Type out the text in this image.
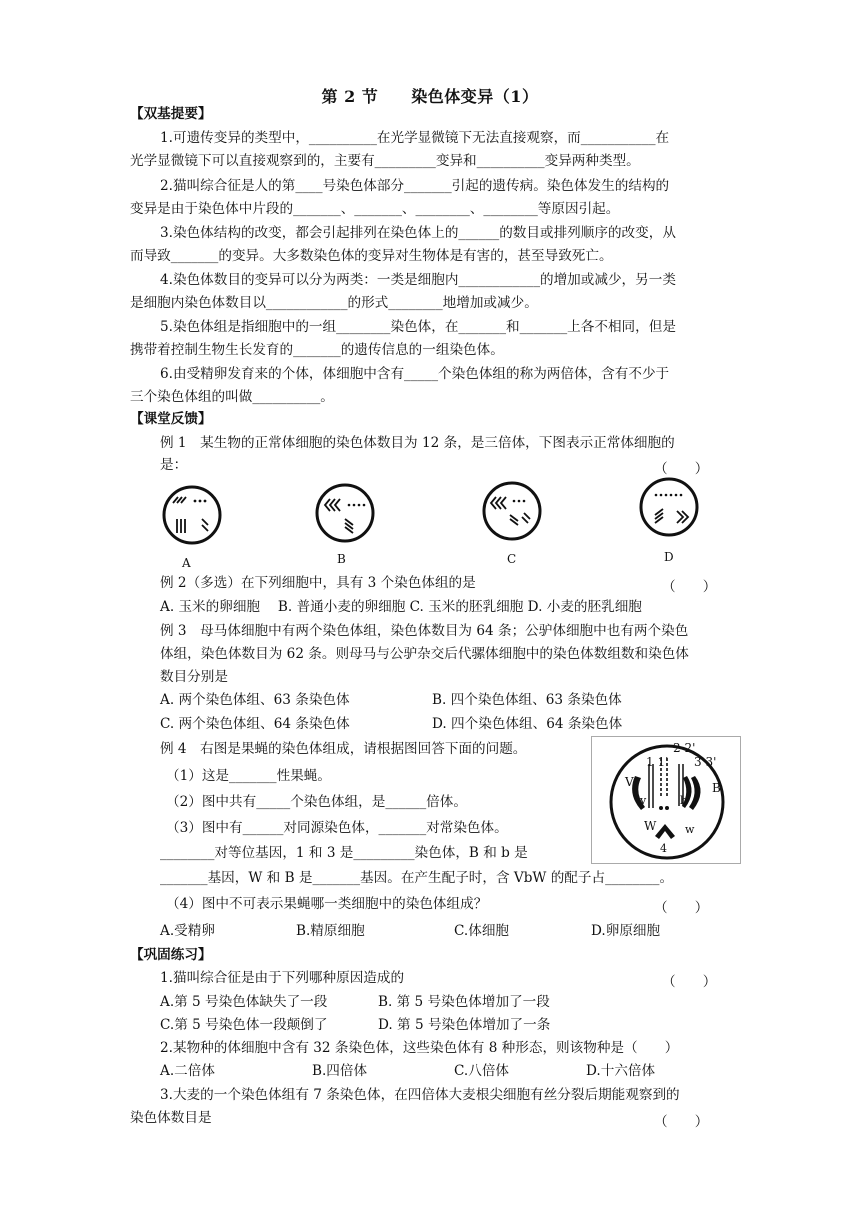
第 2 节　　染色体变异（1）
【双基提要】
1.可遗传变异的类型中，__________在光学显微镜下无法直接观察，而___________在
光学显微镜下可以直接观察到的，主要有_________变异和__________变异两种类型。
2.猫叫综合征是人的第____号染色体部分_______引起的遗传病。染色体发生的结构的
变异是由于染色体中片段的_______、_______、________、________等原因引起。
3.染色体结构的改变，都会引起排列在染色体上的______的数目或排列顺序的改变，从
而导致_______的变异。大多数染色体的变异对生物体是有害的，甚至导致死亡。
4.染色体数目的变异可以分为两类：一类是细胞内____________的增加或减少，另一类
是细胞内染色体数目以____________的形式________地增加或减少。
5.染色体组是指细胞中的一组________染色体，在_______和_______上各不相同，但是
携带着控制生物生长发育的_______的遗传信息的一组染色体。
6.由受精卵发育来的个体，体细胞中含有_____个染色体组的称为两倍体，含有不少于
三个染色体组的叫做__________。
【课堂反馈】
例 1　某生物的正常体细胞的染色体数目为 12 条，是三倍体，下图表示正常体细胞的
是：	（　　）
A	B	C	D
例 2（多选）在下列细胞中，具有 3 个染色体组的是	（　　）
A. 玉米的卵细胞　 B. 普通小麦的卵细胞 C. 玉米的胚乳细胞 D. 小麦的胚乳细胞
例 3　母马体细胞中有两个染色体组，染色体数目为 64 条；公驴体细胞中也有两个染色
体组，染色体数目为 62 条。则母马与公驴杂交后代骡体细胞中的染色体数组数和染色体
数目分别是
A. 两个染色体组、63 条染色体	B. 四个染色体组、63 条染色体
C. 两个染色体组、64 条染色体	D. 四个染色体组、64 条染色体
例 4　右图是果蝇的染色体组成，请根据图回答下面的问题。
（1）这是_______性果蝇。
（2）图中共有_____个染色体组，是______倍体。
（3）图中有______对同源染色体，_______对常染色体。
________对等位基因，1 和 3 是_________染色体，B 和 b 是
_______基因，W 和 B 是_______基因。在产生配子时，含 VbW 的配子占________。
（4）图中不可表示果蝇哪一类细胞中的染色体组成？	（　　）
A.受精卵	B.精原细胞	C.体细胞	D.卵原细胞
2 2'
1 1' 3 3'
V
v
B
b
W	w
4
【巩固练习】
1.猫叫综合征是由于下列哪种原因造成的	（　　）
A.第 5 号染色体缺失了一段	B. 第 5 号染色体增加了一段
C.第 5 号染色体一段颠倒了	D. 第 5 号染色体增加了一条
2.某物种的体细胞中含有 32 条染色体，这些染色体有 8 种形态，则该物种是（　　）
A.二倍体	B.四倍体	C.八倍体	D.十六倍体
3.大麦的一个染色体组有 7 条染色体，在四倍体大麦根尖细胞有丝分裂后期能观察到的
染色体数目是	（　　）
